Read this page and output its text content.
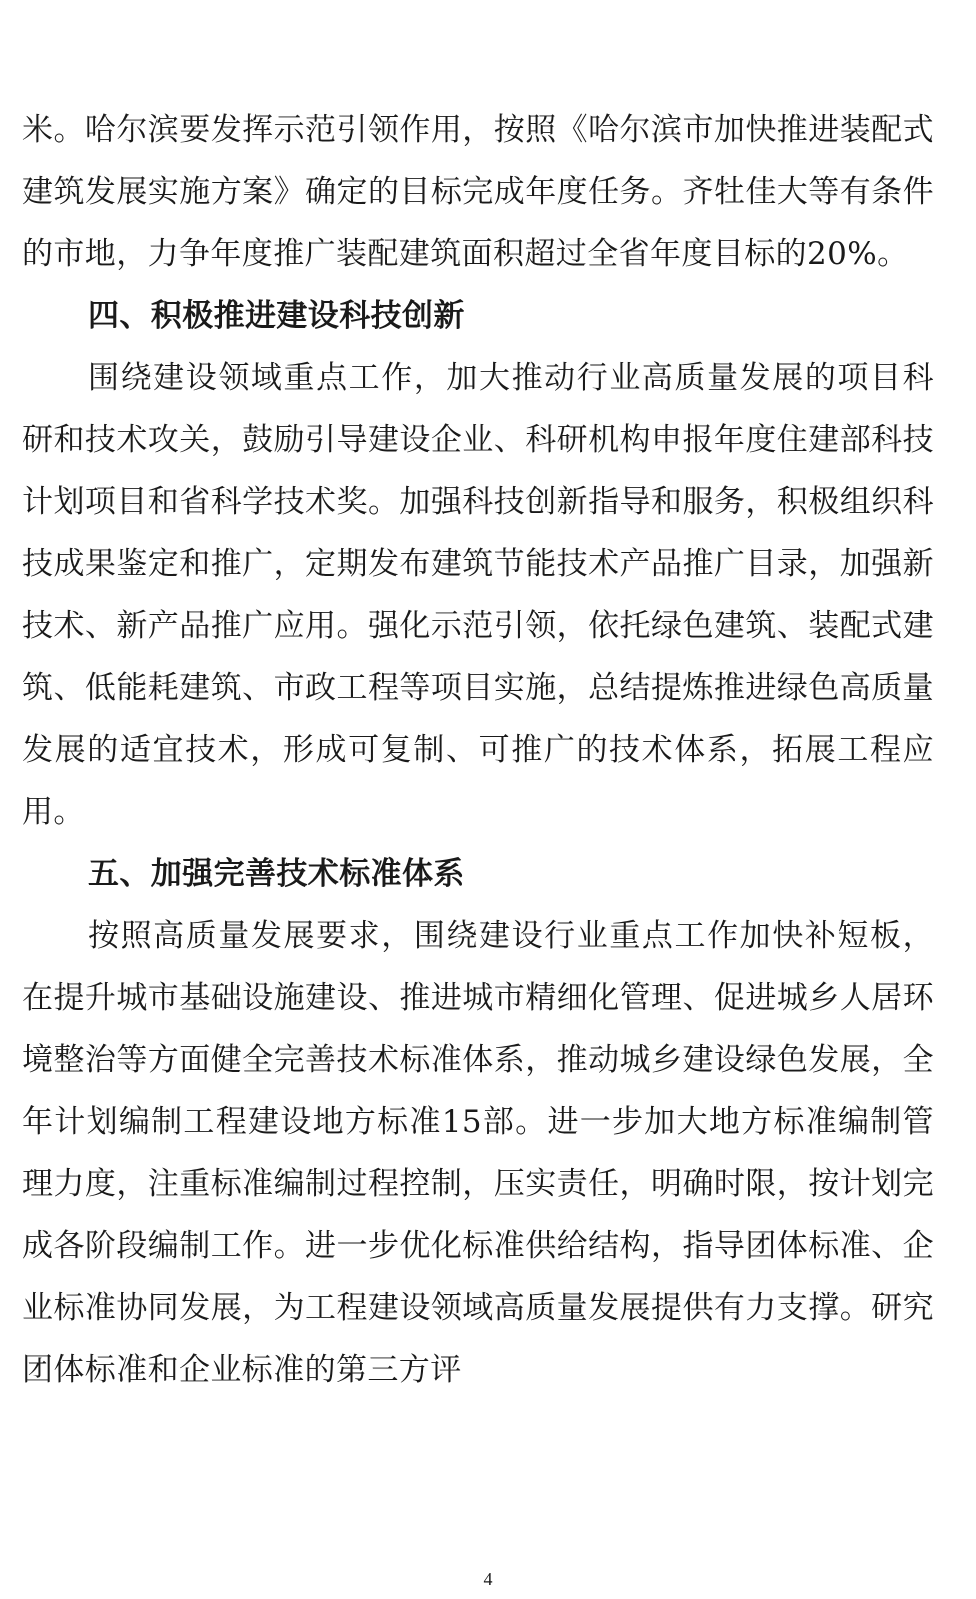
米。哈尔滨要发挥示范引领作用，按照《哈尔滨市加快推进装配式建筑发展实施方案》确定的目标完成年度任务。齐牡佳大等有条件的市地，力争年度推广装配建筑面积超过全省年度目标的20%。

四、积极推进建设科技创新

围绕建设领域重点工作，加大推动行业高质量发展的项目科研和技术攻关，鼓励引导建设企业、科研机构申报年度住建部科技计划项目和省科学技术奖。加强科技创新指导和服务，积极组织科技成果鉴定和推广，定期发布建筑节能技术产品推广目录，加强新技术、新产品推广应用。强化示范引领，依托绿色建筑、装配式建筑、低能耗建筑、市政工程等项目实施，总结提炼推进绿色高质量发展的适宜技术，形成可复制、可推广的技术体系，拓展工程应用。

五、加强完善技术标准体系

按照高质量发展要求，围绕建设行业重点工作加快补短板，在提升城市基础设施建设、推进城市精细化管理、促进城乡人居环境整治等方面健全完善技术标准体系，推动城乡建设绿色发展，全年计划编制工程建设地方标准15部。进一步加大地方标准编制管理力度，注重标准编制过程控制，压实责任，明确时限，按计划完成各阶段编制工作。进一步优化标准供给结构，指导团体标准、企业标准协同发展，为工程建设领域高质量发展提供有力支撑。研究团体标准和企业标准的第三方评

4
